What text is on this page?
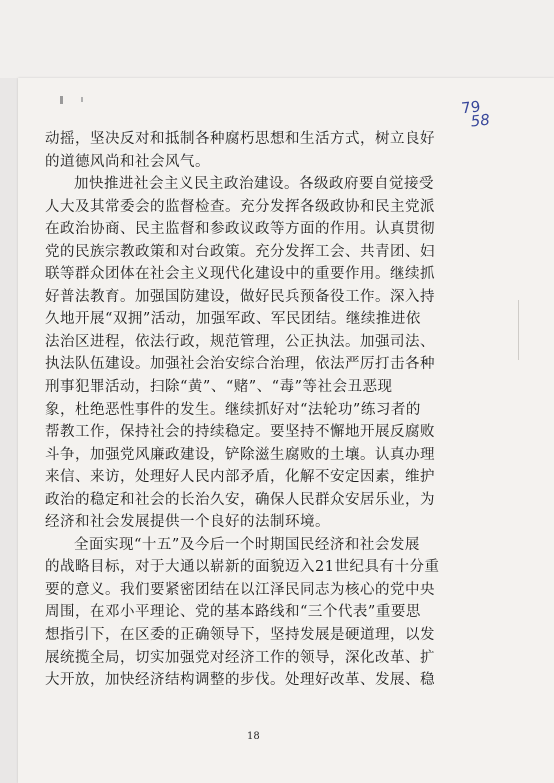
79
58
动摇，坚决反对和抵制各种腐朽思想和生活方式，树立良好
的道德风尚和社会风气。
加快推进社会主义民主政治建设。各级政府要自觉接受
人大及其常委会的监督检查。充分发挥各级政协和民主党派
在政治协商、民主监督和参政议政等方面的作用。认真贯彻
党的民族宗教政策和对台政策。充分发挥工会、共青团、妇
联等群众团体在社会主义现代化建设中的重要作用。继续抓
好普法教育。加强国防建设，做好民兵预备役工作。深入持
久地开展“双拥”活动，加强军政、军民团结。继续推进依
法治区进程，依法行政，规范管理，公正执法。加强司法、
执法队伍建设。加强社会治安综合治理，依法严厉打击各种
刑事犯罪活动，扫除“黄”、“赌”、“毒”等社会丑恶现
象，杜绝恶性事件的发生。继续抓好对“法轮功”练习者的
帮教工作，保持社会的持续稳定。要坚持不懈地开展反腐败
斗争，加强党风廉政建设，铲除滋生腐败的土壤。认真办理
来信、来访，处理好人民内部矛盾，化解不安定因素，维护
政治的稳定和社会的长治久安，确保人民群众安居乐业，为
经济和社会发展提供一个良好的法制环境。
全面实现“十五”及今后一个时期国民经济和社会发展
的战略目标，对于大通以崭新的面貌迈入21世纪具有十分重
要的意义。我们要紧密团结在以江泽民同志为核心的党中央
周围，在邓小平理论、党的基本路线和“三个代表”重要思
想指引下，在区委的正确领导下，坚持发展是硬道理，以发
展统揽全局，切实加强党对经济工作的领导，深化改革、扩
大开放，加快经济结构调整的步伐。处理好改革、发展、稳
18
